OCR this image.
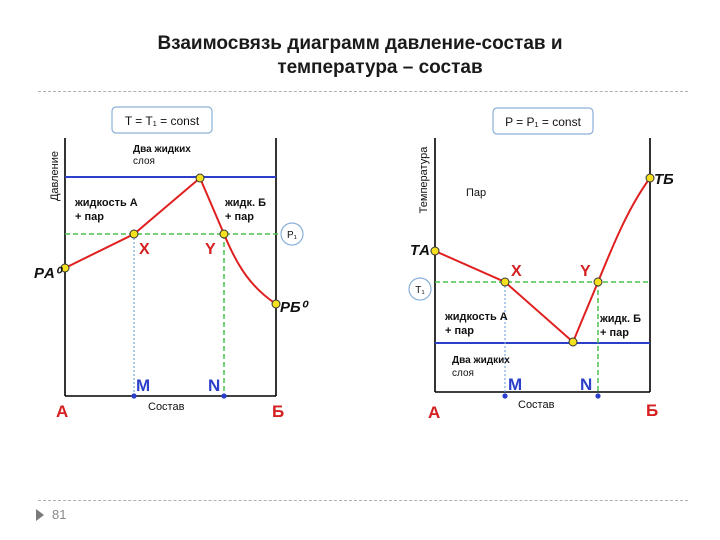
Взаимосвязь диаграмм давление-состав и
температура – состав
T = T₁ = const
Давление
Два жидких
слоя
жидкость А
+ пар
жидк. Б
+ пар
P₁
PА⁰
PБ⁰
X	Y
M	N
Состав
А	Б
P = P₁ = const
Температура	Пар
жидкость А
+ пар
жидк. Б
+ пар
Два жидких
слоя
T₁
TА
TБ
X	Y
M	N
Состав
А	Б
81
